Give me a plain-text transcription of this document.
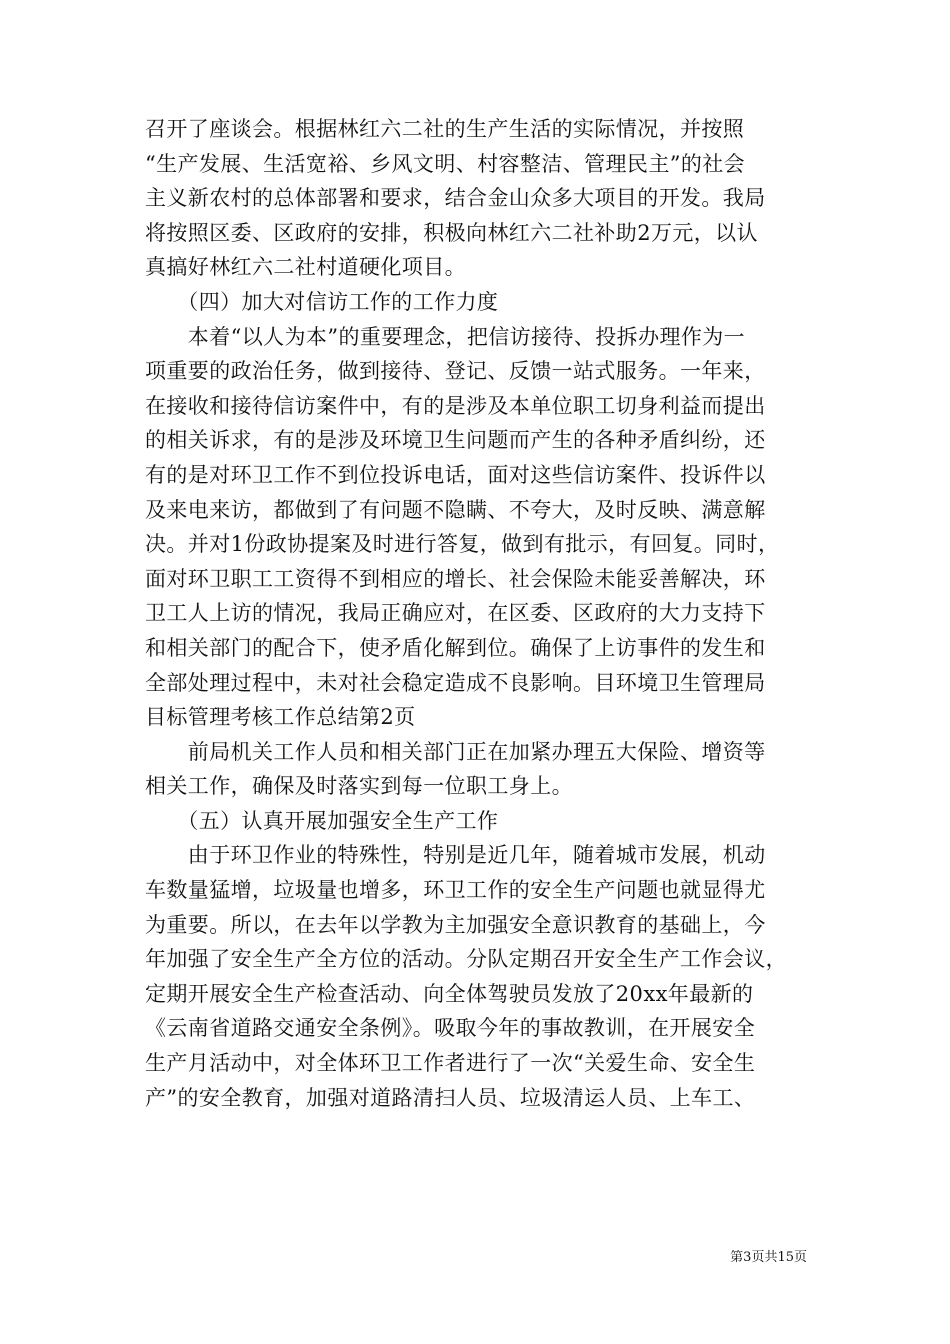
召开了座谈会。根据林红六二社的生产生活的实际情况，并按照
“生产发展、生活宽裕、乡风文明、村容整洁、管理民主”的社会
主义新农村的总体部署和要求，结合金山众多大项目的开发。我局
将按照区委、区政府的安排，积极向林红六二社补助2万元，以认
真搞好林红六二社村道硬化项目。
　　（四）加大对信访工作的工作力度
　　本着“以人为本”的重要理念，把信访接待、投拆办理作为一
项重要的政治任务，做到接待、登记、反馈一站式服务。一年来，
在接收和接待信访案件中，有的是涉及本单位职工切身利益而提出
的相关诉求，有的是涉及环境卫生问题而产生的各种矛盾纠纷，还
有的是对环卫工作不到位投诉电话，面对这些信访案件、投诉件以
及来电来访，都做到了有问题不隐瞒、不夸大，及时反映、满意解
决。并对1份政协提案及时进行答复，做到有批示，有回复。同时，
面对环卫职工工资得不到相应的增长、社会保险未能妥善解决，环
卫工人上访的情况，我局正确应对，在区委、区政府的大力支持下
和相关部门的配合下，使矛盾化解到位。确保了上访事件的发生和
全部处理过程中，未对社会稳定造成不良影响。目环境卫生管理局
目标管理考核工作总结第2页
　　前局机关工作人员和相关部门正在加紧办理五大保险、增资等
相关工作，确保及时落实到每一位职工身上。
　　（五）认真开展加强安全生产工作
　　由于环卫作业的特殊性，特别是近几年，随着城市发展，机动
车数量猛增，垃圾量也增多，环卫工作的安全生产问题也就显得尤
为重要。所以，在去年以学教为主加强安全意识教育的基础上，今
年加强了安全生产全方位的活动。分队定期召开安全生产工作会议，
定期开展安全生产检查活动、向全体驾驶员发放了20xx年最新的
《云南省道路交通安全条例》。吸取今年的事故教训，在开展安全
生产月活动中，对全体环卫工作者进行了一次“关爱生命、安全生
产”的安全教育，加强对道路清扫人员、垃圾清运人员、上车工、
第3页共15页
